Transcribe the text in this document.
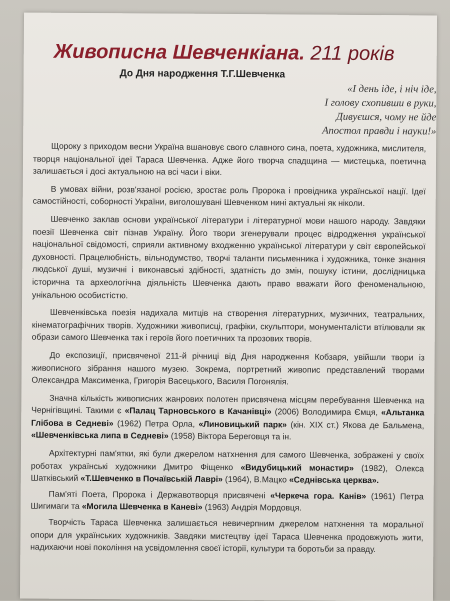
Живописна Шевченкіана. 211 років
До Дня народження Т.Г.Шевченка
«І день іде, і ніч іде,
І голову схопивши в руки,
Дивуєшся, чому не йде
Апостол правди і науки!»

Щороку з приходом весни Україна вшановує свого славного сина, поета, художника, мислителя, творця національної ідеї Тараса Шевченка. Адже його творча спадщина — мистецька, поетична залишається і досі актуальною на всі часи і віки.

В умовах війни, розв'язаної росією, зростає роль Пророка і провідника української нації. Ідеї самостійності, соборності України, виголошувані Шевченком нині актуальні як ніколи.

Шевченко заклав основи української літератури і літературної мови нашого народу. Завдяки поезії Шевченка світ пізнав Україну. Його твори згенерували процес відродження української національної свідомості, сприяли активному входженню української літератури у світ європейської духовності. Працелюбність, вільнодумство, творчі таланти письменника і художника, тонке знання людської душі, музичні і виконавські здібності, здатність до змін, пошуку істини, дослідницька історична та археологічна діяльність Шевченка дають право вважати його феноменальною, унікальною особистістю.

Шевченківська поезія надихала митців на створення літературних, музичних, театральних, кінематографічних творів. Художники живописці, графіки, скульптори, монументалісти втілювали як образи самого Шевченка так і героїв його поетичних та прозових творів.

До експозиції, присвяченої 211-й річниці від Дня народження Кобзаря, увійшли твори із живописного зібрання нашого музею. Зокрема, портретний живопис представлений творами Олександра Максименка, Григорія Васецького, Василя Погонялія.

Значна кількість живописних жанрових полотен присвячена місцям перебування Шевченка на Чернігівщині. Такими є «Палац Тарновського в Качанівці» (2006) Володимира Ємця, «Альтанка Глібова в Седневі» (1962) Петра Орла, «Линовицький парк» (кін. XIX ст.) Якова де Бальмена, «Шевченківська липа в Седневі» (1958) Віктора Береговця та ін.

Архітектурні пам'ятки, які були джерелом натхнення для самого Шевченка, зображені у своїх роботах українські художники Дмитро Фіщенко «Видубицький монастир» (1982), Олекса Шатківський «Т.Шевченко в Почаївській Лаврі» (1964), В.Мацко «Седнівська церква».

Пам'яті Поета, Пророка і Державотворця присвячені «Черкеча гора. Канів» (1961) Петра Шигимаги та «Могила Шевченка в Каневі» (1963) Андрія Мордовця.

Творчість Тараса Шевченка залишається невичерпним джерелом натхнення та моральної опори для українських художників. Завдяки мистецтву ідеї Тараса Шевченка продовжують жити, надихаючи нові покоління на усвідомлення своєї історії, культури та боротьби за правду.
